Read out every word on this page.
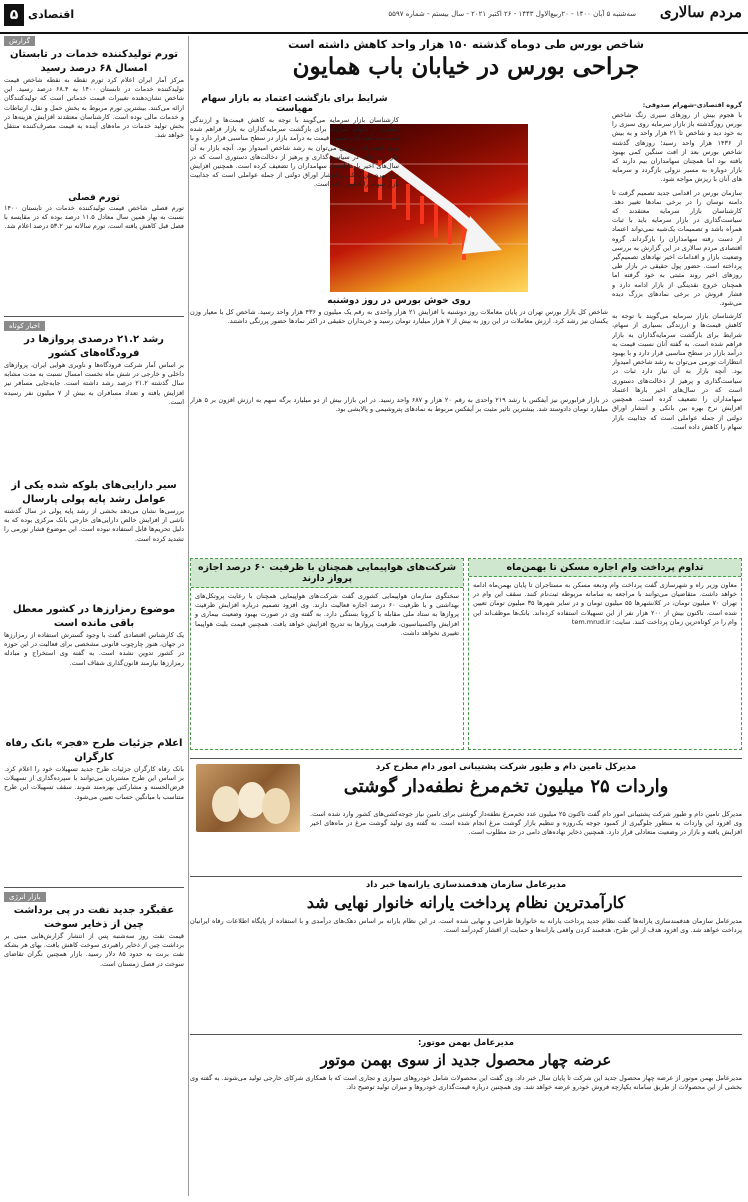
مردم سالاری
سه‌شنبه ۵ آبان ۱۴۰۰ - ۲۰ربیع‌الاول ۱۴۴۳ - ۲۶ اکتبر ۲۰۲۱ - سال بیستم - شماره ۵۵۹۷
اقتصادی
۵
گزارش
تورم تولیدکننده خدمات در تابستان امسال ۶۸ درصد رسید
مرکز آمار ایران اعلام کرد تورم نقطه به نقطه شاخص قیمت تولیدکننده خدمات در تابستان ۱۴۰۰ به ۶۸.۴ درصد رسید. این شاخص نشان‌دهنده تغییرات قیمت خدماتی است که تولیدکنندگان ارائه می‌کنند. بیشترین تورم مربوط به بخش حمل و نقل، ارتباطات و خدمات مالی بوده است. کارشناسان معتقدند افزایش هزینه‌ها در بخش تولید خدمات در ماه‌های آینده به قیمت مصرف‌کننده منتقل خواهد شد.
تورم فصلی
تورم فصلی شاخص قیمت تولیدکننده خدمات در تابستان ۱۴۰۰ نسبت به بهار همین سال معادل ۱۱.۵ درصد بوده که در مقایسه با فصل قبل کاهش یافته است. تورم سالانه نیز ۵۳.۲ درصد اعلام شد.
اخبار کوتاه
رشد ۲۱.۲ درصدی پروازها در فرودگاه‌های کشور
بر اساس آمار شرکت فرودگاه‌ها و ناوبری هوایی ایران، پروازهای داخلی و خارجی در شش ماه نخست امسال نسبت به مدت مشابه سال گذشته ۲۱.۲ درصد رشد داشته است. جابه‌جایی مسافر نیز افزایش یافته و تعداد مسافران به بیش از ۷ میلیون نفر رسیده است.
سیر دارایی‌های بلوکه شده یکی از عوامل رشد پایه پولی پارسال
بررسی‌ها نشان می‌دهد بخشی از رشد پایه پولی در سال گذشته ناشی از افزایش خالص دارایی‌های خارجی بانک مرکزی بوده که به دلیل تحریم‌ها قابل استفاده نبوده است. این موضوع فشار تورمی را تشدید کرده است.
موضوع رمزارزها در کشور معطل باقی مانده است
یک کارشناس اقتصادی گفت با وجود گسترش استفاده از رمزارزها در جهان، هنوز چارچوب قانونی مشخصی برای فعالیت در این حوزه در کشور تدوین نشده است. به گفته وی استخراج و مبادله رمزارزها نیازمند قانون‌گذاری شفاف است.
اعلام جزئیات طرح «فجر» بانک رفاه کارگران
بانک رفاه کارگران جزئیات طرح جدید تسهیلات خود را اعلام کرد. بر اساس این طرح مشتریان می‌توانند با سپرده‌گذاری از تسهیلات قرض‌الحسنه و مشارکتی بهره‌مند شوند. سقف تسهیلات این طرح متناسب با میانگین حساب تعیین می‌شود.
بازار انرژی
عقبگرد جدید نفت در پی برداشت چین از ذخایر سوخت
قیمت نفت روز سه‌شنبه پس از انتشار گزارش‌هایی مبنی بر برداشت چین از ذخایر راهبردی سوخت کاهش یافت. بهای هر بشکه نفت برنت به حدود ۸۵ دلار رسید. بازار همچنین نگران تقاضای سوخت در فصل زمستان است.
شاخص بورس طی دوماه گذشته ۱۵۰ هزار واحد کاهش داشته است
جراحی بورس در خیابان باب همایون
گروه اقتصادی-شهرام صدوقی:
با هجوم بیش از روزهای سیری رنگ شاخص بورس روزگذشته باز بازار سرمایه روی سبزی را به خود دید و شاخص تا ۲۱ هزار واحد و به بیش از ۱۴۳۶ هزار واحد رسید؛ روزهای گذشته شاخص بورس بعد از افت سنگین کمی بهبود یافته بود اما همچنان سهامداران بیم دارند که بازار دوباره به مسیر نزولی بازگردد و سرمایه های آنان با ریزش مواجه شود.
سازمان بورس در اقدامی جدید تصمیم گرفت تا دامنه نوسان را در برخی نمادها تغییر دهد. کارشناسان بازار سرمایه معتقدند که سیاست‌گذاری در بازار سرمایه باید با ثبات همراه باشد و تصمیمات یک‌شبه نمی‌تواند اعتماد از دست رفته سهامداران را بازگرداند. گروه اقتصادی مردم سالاری در این گزارش به بررسی وضعیت بازار و اقدامات اخیر نهادهای تصمیم‌گیر پرداخته است. حضور پول حقیقی در بازار طی روزهای اخیر روند مثبتی به خود گرفته اما همچنان خروج نقدینگی از بازار ادامه دارد و فشار فروش در برخی نمادهای بزرگ دیده می‌شود.
کارشناسان بازار سرمایه می‌گویند با توجه به کاهش قیمت‌ها و ارزندگی بسیاری از سهام، شرایط برای بازگشت سرمایه‌گذاران به بازار فراهم شده است. به گفته آنان نسبت قیمت به درآمد بازار در سطح مناسبی قرار دارد و با بهبود انتظارات تورمی می‌توان به رشد شاخص امیدوار بود. آنچه بازار به آن نیاز دارد ثبات در سیاست‌گذاری و پرهیز از دخالت‌های دستوری است که در سال‌های اخیر بارها اعتماد سهامداران را تضعیف کرده است. همچنین افزایش نرخ بهره بین بانکی و انتشار اوراق دولتی از جمله عواملی است که جذابیت بازار سهام را کاهش داده است.
شرایط برای بازگشت اعتماد به بازار سهام مهیاست
کارشناسان بازار سرمایه می‌گویند با توجه به کاهش قیمت‌ها و ارزندگی بسیاری از سهام، شرایط برای بازگشت سرمایه‌گذاران به بازار فراهم شده است. به گفته آنان نسبت قیمت به درآمد بازار در سطح مناسبی قرار دارد و با بهبود انتظارات تورمی می‌توان به رشد شاخص امیدوار بود. آنچه بازار به آن نیاز دارد ثبات در سیاست‌گذاری و پرهیز از دخالت‌های دستوری است که در سال‌های اخیر بارها اعتماد سهامداران را تضعیف کرده است. همچنین افزایش نرخ بهره بین بانکی و انتشار اوراق دولتی از جمله عواملی است که جذابیت بازار سهام را کاهش داده است.
روی خوش بورس در روز دوشنبه
شاخص کل بازار بورس تهران در پایان معاملات روز دوشنبه با افزایش ۲۱ هزار واحدی به رقم یک میلیون و ۴۳۶ هزار واحد رسید. شاخص کل با معیار وزن یکسان نیز رشد کرد. ارزش معاملات در این روز به بیش از ۷ هزار میلیارد تومان رسید و خریداران حقیقی در اکثر نمادها حضور پررنگی داشتند.
در بازار فرابورس نیز آیفکس با رشد ۲۱۹ واحدی به رقم ۲۰ هزار و ۶۸۷ واحد رسید. در این بازار بیش از دو میلیارد برگه سهم به ارزش افزون بر ۵ هزار میلیارد تومان دادوستد شد. بیشترین تاثیر مثبت بر آیفکس مربوط به نمادهای پتروشیمی و پالایشی بود.
تداوم پرداخت وام اجاره مسکن تا بهمن‌ماه
معاون وزیر راه و شهرسازی گفت پرداخت وام ودیعه مسکن به مستاجران تا پایان بهمن‌ماه ادامه خواهد داشت. متقاضیان می‌توانند با مراجعه به سامانه مربوطه ثبت‌نام کنند. سقف این وام در تهران ۷۰ میلیون تومان، در کلانشهرها ۵۵ میلیون تومان و در سایر شهرها ۳۵ میلیون تومان تعیین شده است. تاکنون بیش از ۲۰۰ هزار نفر از این تسهیلات استفاده کرده‌اند. بانک‌ها موظف‌اند این وام را در کوتاه‌ترین زمان پرداخت کنند. سایت: tem.mrud.ir
شرکت‌های هواپیمایی همچنان با ظرفیت ۶۰ درصد اجازه پرواز دارند
سخنگوی سازمان هواپیمایی کشوری گفت شرکت‌های هواپیمایی همچنان با رعایت پروتکل‌های بهداشتی و با ظرفیت ۶۰ درصد اجازه فعالیت دارند. وی افزود تصمیم درباره افزایش ظرفیت پروازها به ستاد ملی مقابله با کرونا بستگی دارد. به گفته وی در صورت بهبود وضعیت بیماری و افزایش واکسیناسیون، ظرفیت پروازها به تدریج افزایش خواهد یافت. همچنین قیمت بلیت هواپیما تغییری نخواهد داشت.
مدیرکل تامین دام و طیور شرکت پشتیبانی امور دام مطرح کرد
واردات ۲۵ میلیون تخم‌مرغ نطفه‌دار گوشتی
مدیرکل تامین دام و طیور شرکت پشتیبانی امور دام گفت تاکنون ۲۵ میلیون عدد تخم‌مرغ نطفه‌دار گوشتی برای تامین نیاز جوجه‌کشی‌های کشور وارد شده است. وی افزود این واردات به منظور جلوگیری از کمبود جوجه یک‌روزه و تنظیم بازار گوشت مرغ انجام شده است. به گفته وی تولید گوشت مرغ در ماه‌های اخیر افزایش یافته و بازار در وضعیت متعادلی قرار دارد. همچنین ذخایر نهاده‌های دامی در حد مطلوب است.
مدیرعامل سازمان هدفمندسازی یارانه‌ها خبر داد
کارآمدترین نظام پرداخت یارانه خانوار نهایی شد
مدیرعامل سازمان هدفمندسازی یارانه‌ها گفت نظام جدید پرداخت یارانه به خانوارها طراحی و نهایی شده است. در این نظام یارانه بر اساس دهک‌های درآمدی و با استفاده از پایگاه اطلاعات رفاه ایرانیان پرداخت خواهد شد. وی افزود هدف از این طرح، هدفمند کردن واقعی یارانه‌ها و حمایت از اقشار کم‌درآمد است.
مدیرعامل بهمن موتور:
عرضه چهار محصول جدید از سوی بهمن موتور
مدیرعامل بهمن موتور از عرضه چهار محصول جدید این شرکت تا پایان سال خبر داد. وی گفت این محصولات شامل خودروهای سواری و تجاری است که با همکاری شرکای خارجی تولید می‌شوند. به گفته وی بخشی از این محصولات از طریق سامانه یکپارچه فروش خودرو عرضه خواهد شد. وی همچنین درباره قیمت‌گذاری خودروها و میزان تولید توضیح داد.
